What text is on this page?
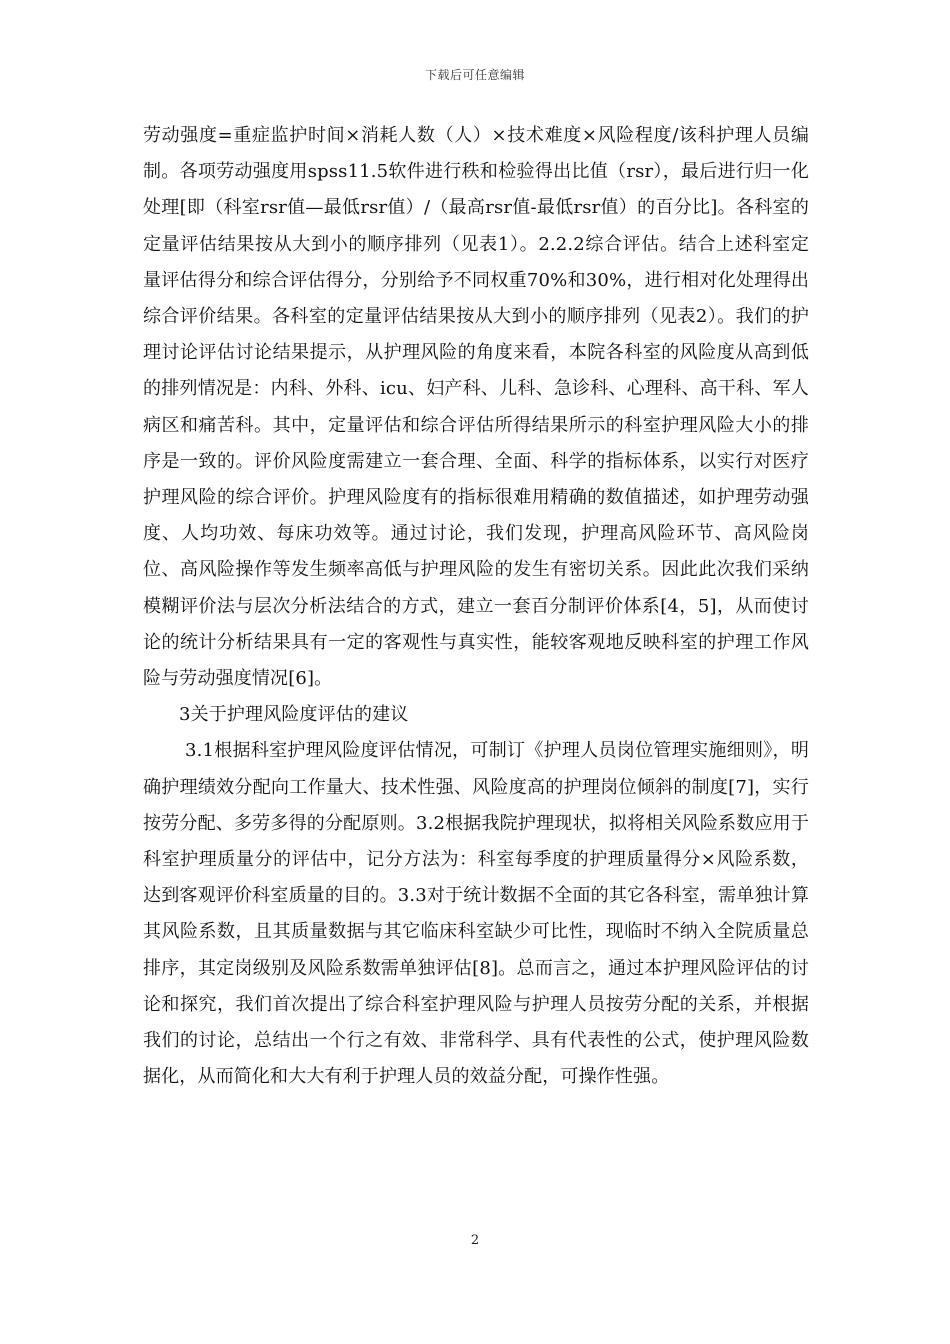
下载后可任意编辑

劳动强度=重症监护时间×消耗人数（人）×技术难度×风险程度/该科护理人员编制。各项劳动强度用spss11.5软件进行秩和检验得出比值（rsr），最后进行归一化处理[即（科室rsr值—最低rsr值）/（最高rsr值-最低rsr值）的百分比]。各科室的定量评估结果按从大到小的顺序排列（见表1）。2.2.2综合评估。结合上述科室定量评估得分和综合评估得分，分别给予不同权重70%和30%，进行相对化处理得出综合评价结果。各科室的定量评估结果按从大到小的顺序排列（见表2）。我们的护理讨论评估讨论结果提示，从护理风险的角度来看，本院各科室的风险度从高到低的排列情况是：内科、外科、icu、妇产科、儿科、急诊科、心理科、高干科、军人病区和痛苦科。其中，定量评估和综合评估所得结果所示的科室护理风险大小的排序是一致的。评价风险度需建立一套合理、全面、科学的指标体系，以实行对医疗护理风险的综合评价。护理风险度有的指标很难用精确的数值描述，如护理劳动强度、人均功效、每床功效等。通过讨论，我们发现，护理高风险环节、高风险岗位、高风险操作等发生频率高低与护理风险的发生有密切关系。因此此次我们采纳模糊评价法与层次分析法结合的方式，建立一套百分制评价体系[4，5]，从而使讨论的统计分析结果具有一定的客观性与真实性，能较客观地反映科室的护理工作风险与劳动强度情况[6]。

3关于护理风险度评估的建议

3.1根据科室护理风险度评估情况，可制订《护理人员岗位管理实施细则》，明确护理绩效分配向工作量大、技术性强、风险度高的护理岗位倾斜的制度[7]，实行按劳分配、多劳多得的分配原则。3.2根据我院护理现状，拟将相关风险系数应用于科室护理质量分的评估中，记分方法为：科室每季度的护理质量得分×风险系数，达到客观评价科室质量的目的。3.3对于统计数据不全面的其它各科室，需单独计算其风险系数，且其质量数据与其它临床科室缺少可比性，现临时不纳入全院质量总排序，其定岗级别及风险系数需单独评估[8]。总而言之，通过本护理风险评估的讨论和探究，我们首次提出了综合科室护理风险与护理人员按劳分配的关系，并根据我们的讨论，总结出一个行之有效、非常科学、具有代表性的公式，使护理风险数据化，从而简化和大大有利于护理人员的效益分配，可操作性强。

2
